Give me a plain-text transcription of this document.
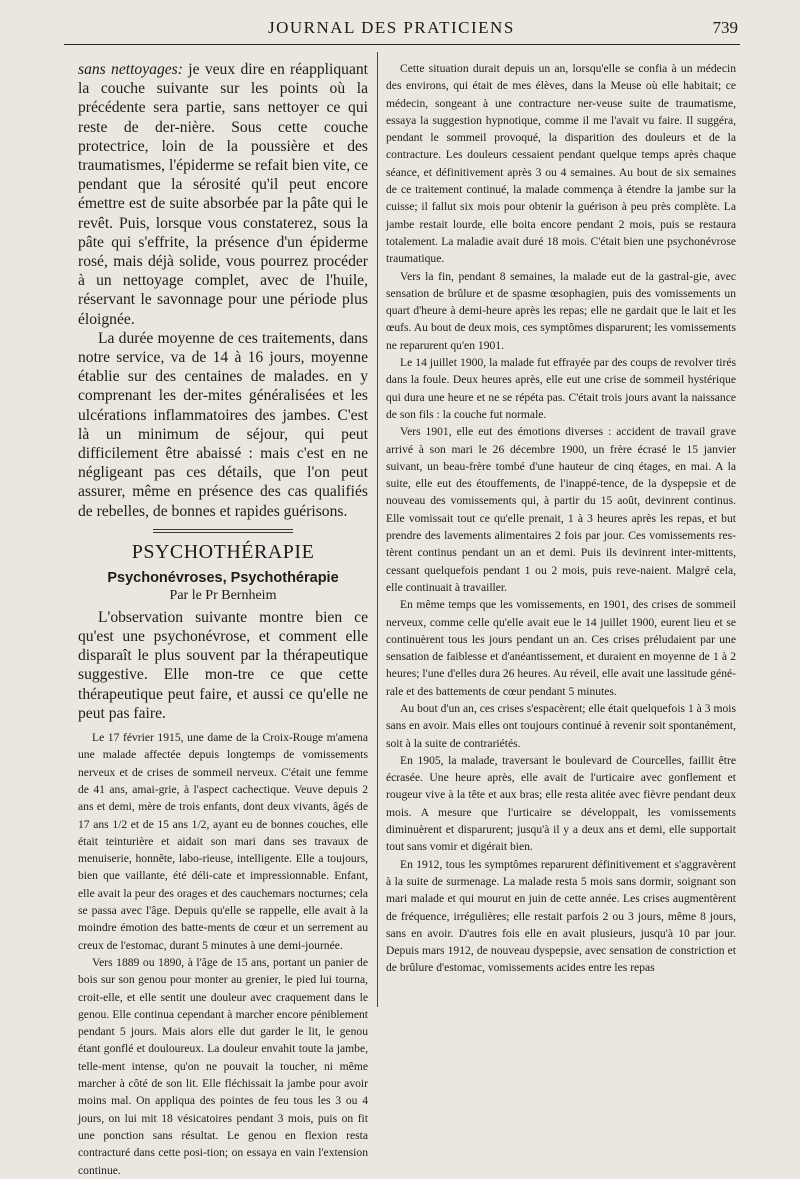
JOURNAL DES PRATICIENS	739

sans nettoyages: je veux dire en réappliquant la couche suivante sur les points où la précédente sera partie, sans nettoyer ce qui reste de der-nière. Sous cette couche protectrice, loin de la poussière et des traumatismes, l'épiderme se refait bien vite, ce pendant que la sérosité qu'il peut encore émettre est de suite absorbée par la pâte qui le revêt. Puis, lorsque vous constaterez, sous la pâte qui s'effrite, la présence d'un épiderme rosé, mais déjà solide, vous pourrez procéder à un nettoyage complet, avec de l'huile, réservant le savonnage pour une période plus éloignée.

La durée moyenne de ces traitements, dans notre service, va de 14 à 16 jours, moyenne établie sur des centaines de malades. en y comprenant les der-mites généralisées et les ulcérations inflammatoires des jambes. C'est là un minimum de séjour, qui peut difficilement être abaissé : mais c'est en ne négligeant pas ces détails, que l'on peut assurer, même en présence des cas qualifiés de rebelles, de bonnes et rapides guérisons.

PSYCHOTHÉRAPIE
Psychonévroses, Psychothérapie
Par le Pr Bernheim

L'observation suivante montre bien ce qu'est une psychonévrose, et comment elle disparaît le plus souvent par la thérapeutique suggestive. Elle mon-tre ce que cette thérapeutique peut faire, et aussi ce qu'elle ne peut pas faire.

Le 17 février 1915, une dame de la Croix-Rouge m'amena une malade affectée depuis longtemps de vomissements nerveux et de crises de sommeil nerveux. C'était une femme de 41 ans, amai-grie, à l'aspect cachectique. Veuve depuis 2 ans et demi, mère de trois enfants, dont deux vivants, âgés de 17 ans 1/2 et de 15 ans 1/2, ayant eu de bonnes couches, elle était teinturière et aidait son mari dans ses travaux de menuiserie, honnête, labo-rieuse, intelligente. Elle a toujours, bien que vaillante, été déli-cate et impressionnable. Enfant, elle avait la peur des orages et des cauchemars nocturnes; cela se passa avec l'âge. Depuis qu'elle se rappelle, elle avait à la moindre émotion des batte-ments de cœur et un serrement au creux de l'estomac, durant 5 minutes à une demi-journée.

Vers 1889 ou 1890, à l'âge de 15 ans, portant un panier de bois sur son genou pour monter au grenier, le pied lui tourna, croit-elle, et elle sentit une douleur avec craquement dans le genou. Elle continua cependant à marcher encore péniblement pendant 5 jours. Mais alors elle dut garder le lit, le genou étant gonflé et douloureux. La douleur envahit toute la jambe, telle-ment intense, qu'on ne pouvait la toucher, ni même marcher à côté de son lit. Elle fléchissait la jambe pour avoir moins mal. On appliqua des pointes de feu tous les 3 ou 4 jours, on lui mit 18 vésicatoires pendant 3 mois, puis on fit une ponction sans résultat. Le genou en flexion resta contracturé dans cette posi-tion; on essaya en vain l'extension continue.

Cette situation durait depuis un an, lorsqu'elle se confia à un médecin des environs, qui était de mes élèves, dans la Meuse où elle habitait; ce médecin, songeant à une contracture ner-veuse suite de traumatisme, essaya la suggestion hypnotique, comme il me l'avait vu faire. Il suggéra, pendant le sommeil provoqué, la disparition des douleurs et de la contracture. Les douleurs cessaient pendant quelque temps après chaque séance, et définitivement après 3 ou 4 semaines. Au bout de six semaines de ce traitement continué, la malade commença à étendre la jambe sur la cuisse; il fallut six mois pour obtenir la guérison à peu près complète. La jambe restait lourde, elle boita encore pendant 2 mois, puis se restaura totalement. La maladie avait duré 18 mois. C'était bien une psychonévrose traumatique.

Vers la fin, pendant 8 semaines, la malade eut de la gastral-gie, avec sensation de brûlure et de spasme œsophagien, puis des vomissements un quart d'heure à demi-heure après les repas; elle ne gardait que le lait et les œufs. Au bout de deux mois, ces symptômes disparurent; les vomissements ne reparurent qu'en 1901.

Le 14 juillet 1900, la malade fut effrayée par des coups de revolver tirés dans la foule. Deux heures après, elle eut une crise de sommeil hystérique qui dura une heure et ne se répéta pas. C'était trois jours avant la naissance de son fils : la couche fut normale.

Vers 1901, elle eut des émotions diverses : accident de travail grave arrivé à son mari le 26 décembre 1900, un frère écrasé le 15 janvier suivant, un beau-frère tombé d'une hauteur de cinq étages, en mai. A la suite, elle eut des étouffements, de l'inappé-tence, de la dyspepsie et de nouveau des vomissements qui, à partir du 15 août, devinrent continus. Elle vomissait tout ce qu'elle prenait, 1 à 3 heures après les repas, et but prendre des lavements alimentaires 2 fois par jour. Ces vomissements res-tèrent continus pendant un an et demi. Puis ils devinrent inter-mittents, cessant quelquefois pendant 1 ou 2 mois, puis reve-naient. Malgré cela, elle continuait à travailler.

En même temps que les vomissements, en 1901, des crises de sommeil nerveux, comme celle qu'elle avait eue le 14 juillet 1900, eurent lieu et se continuèrent tous les jours pendant un an. Ces crises préludaient par une sensation de faiblesse et d'anéantissement, et duraient en moyenne de 1 à 2 heures; l'une d'elles dura 26 heures. Au réveil, elle avait une lassitude géné-rale et des battements de cœur pendant 5 minutes.

Au bout d'un an, ces crises s'espacèrent; elle était quelquefois 1 à 3 mois sans en avoir. Mais elles ont toujours continué à revenir soit spontanément, soit à la suite de contrariétés.

En 1905, la malade, traversant le boulevard de Courcelles, faillit être écrasée. Une heure après, elle avait de l'urticaire avec gonflement et rougeur vive à la tête et aux bras; elle resta alitée avec fièvre pendant deux mois. A mesure que l'urticaire se développait, les vomissements diminuèrent et disparurent; jusqu'à il y a deux ans et demi, elle supportait tout sans vomir et digérait bien.

En 1912, tous les symptômes reparurent définitivement et s'aggravèrent à la suite de surmenage. La malade resta 5 mois sans dormir, soignant son mari malade et qui mourut en juin de cette année. Les crises augmentèrent de fréquence, irrégulières; elle restait parfois 2 ou 3 jours, même 8 jours, sans en avoir. D'autres fois elle en avait plusieurs, jusqu'à 10 par jour. Depuis mars 1912, de nouveau dyspepsie, avec sensation de constriction et de brûlure d'estomac, vomissements acides entre les repas
